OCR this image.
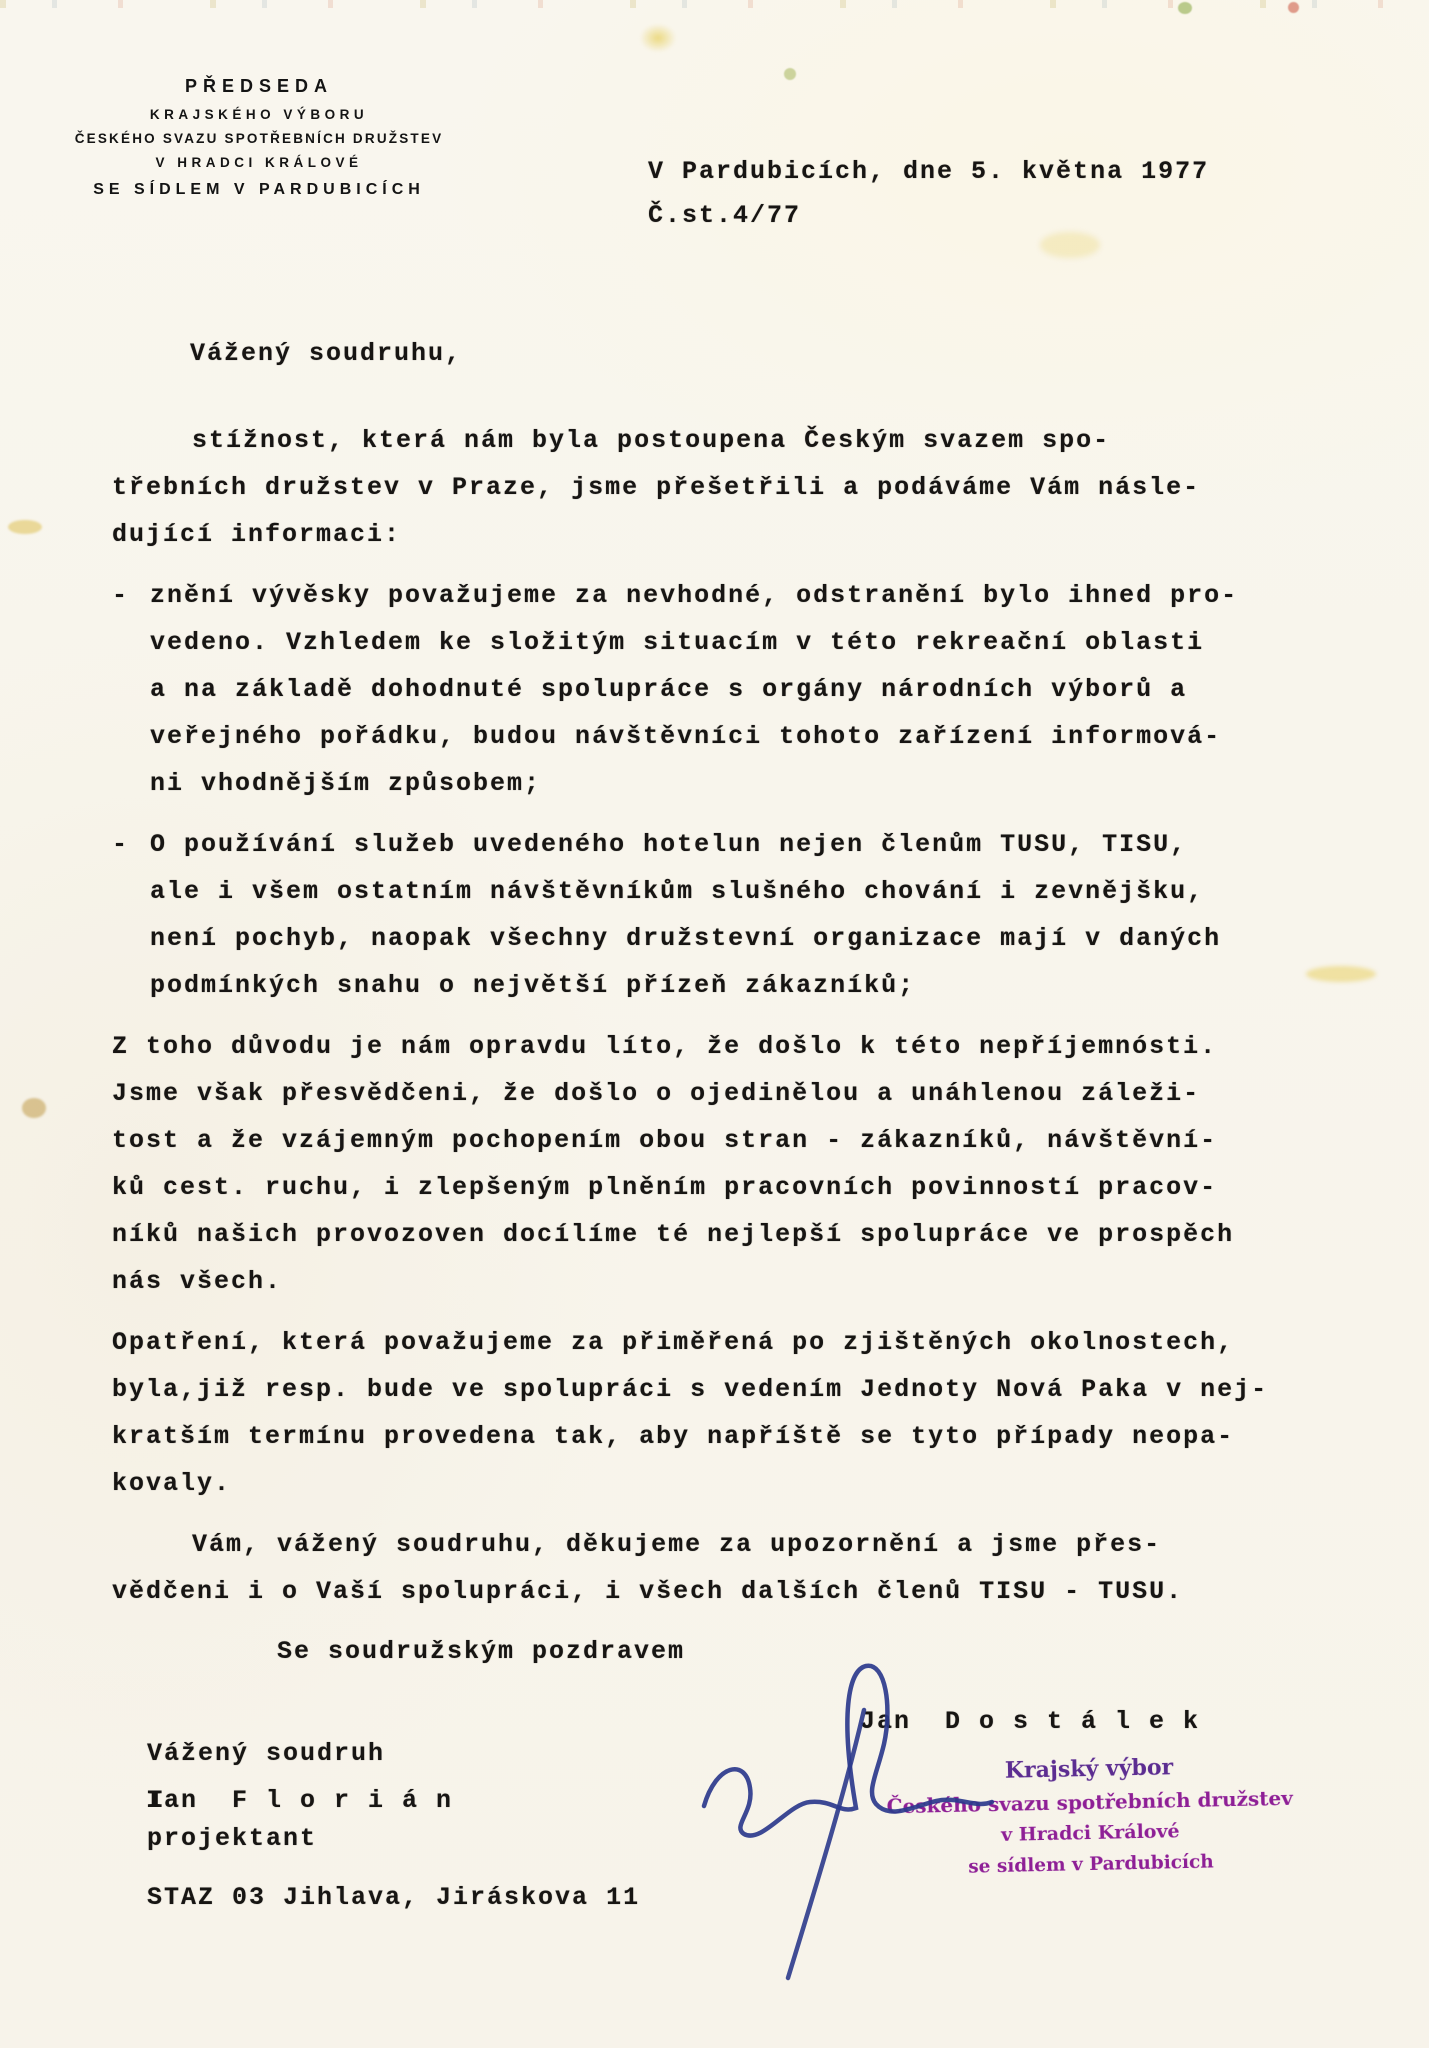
PŘEDSEDA
KRAJSKÉHO VÝBORU
ČESKÉHO SVAZU SPOTŘEBNÍCH DRUŽSTEV
V HRADCI KRÁLOVÉ
SE SÍDLEM V PARDUBICÍCH
V Pardubicích, dne 5. května 1977
Č.st.4/77
Vážený soudruhu,
stížnost, která nám byla postoupena Českým svazem spo-
třebních družstev v Praze, jsme přešetřili a podáváme Vám násle-
dující informaci:
- znění vývěsky považujeme za nevhodné, odstranění bylo ihned pro-
vedeno. Vzhledem ke složitým situacím v této rekreační oblasti
a na základě dohodnuté spolupráce s orgány národních výborů a
veřejného pořádku, budou návštěvníci tohoto zařízení informová-
ni vhodnějším způsobem;
- O používání služeb uvedeného hotelun nejen členům TUSU, TISU,
ale i všem ostatním návštěvníkům slušného chování i zevnějšku,
není pochyb, naopak všechny družstevní organizace mají v daných
podmínkých snahu o největší přízeň zákazníků;
Z toho důvodu je nám opravdu líto, že došlo k této nepříjemnósti.
Jsme však přesvědčeni, že došlo o ojedinělou a unáhlenou záleži-
tost a že vzájemným pochopením obou stran - zákazníků, návštěvní-
ků cest. ruchu, i zlepšeným plněním pracovních povinností pracov-
níků našich provozoven docílíme té nejlepší spolupráce ve prospěch
nás všech.
Opatření, která považujeme za přiměřená po zjištěných okolnostech,
byla,již resp. bude ve spolupráci s vedením Jednoty Nová Paka v nej-
kratším termínu provedena tak, aby napříště se tyto případy neopa-
kovaly.
Vám, vážený soudruhu, děkujeme za upozornění a jsme přes-
vědčeni i o Vaší spolupráci, i všech dalších členů TISU - TUSU.
Se soudružským pozdravem
Jan  D o s t á l e k
Krajský výbor
Českého svazu spotřebních družstev
v Hradci Králové
se sídlem v Pardubicích
Vážený soudruh
Ian  F l o r i á n
projektant
STAZ 03 Jihlava, Jiráskova 11
